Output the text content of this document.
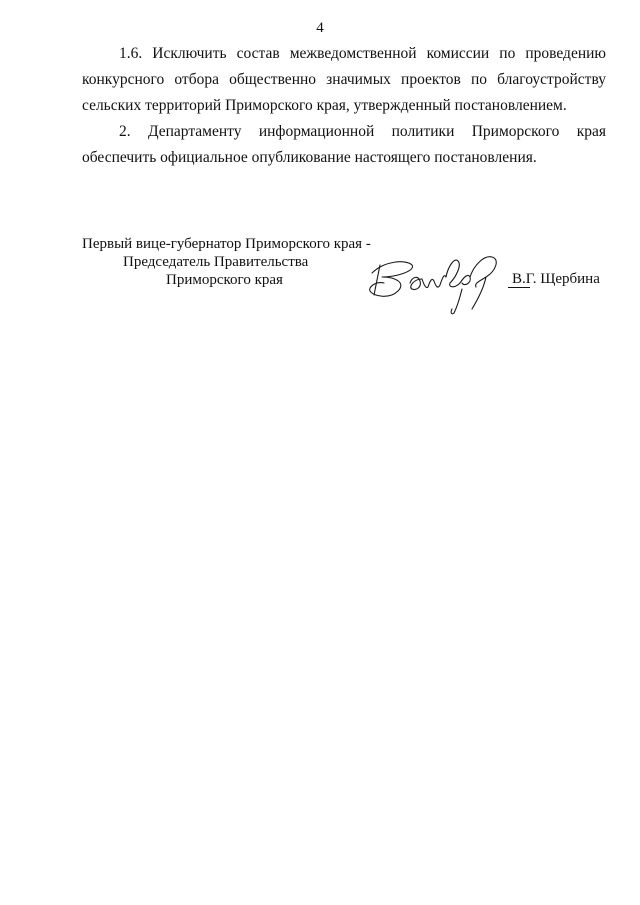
4

1.6. Исключить состав межведомственной комиссии по проведению конкурсного отбора общественно значимых проектов по благоустройству сельских территорий Приморского края, утвержденный постановлением.

2. Департаменту информационной политики Приморского края обеспечить официальное опубликование настоящего постановления.

Первый вице-губернатор Приморского края -
Председатель Правительства
Приморского края	В.Г. Щербина
